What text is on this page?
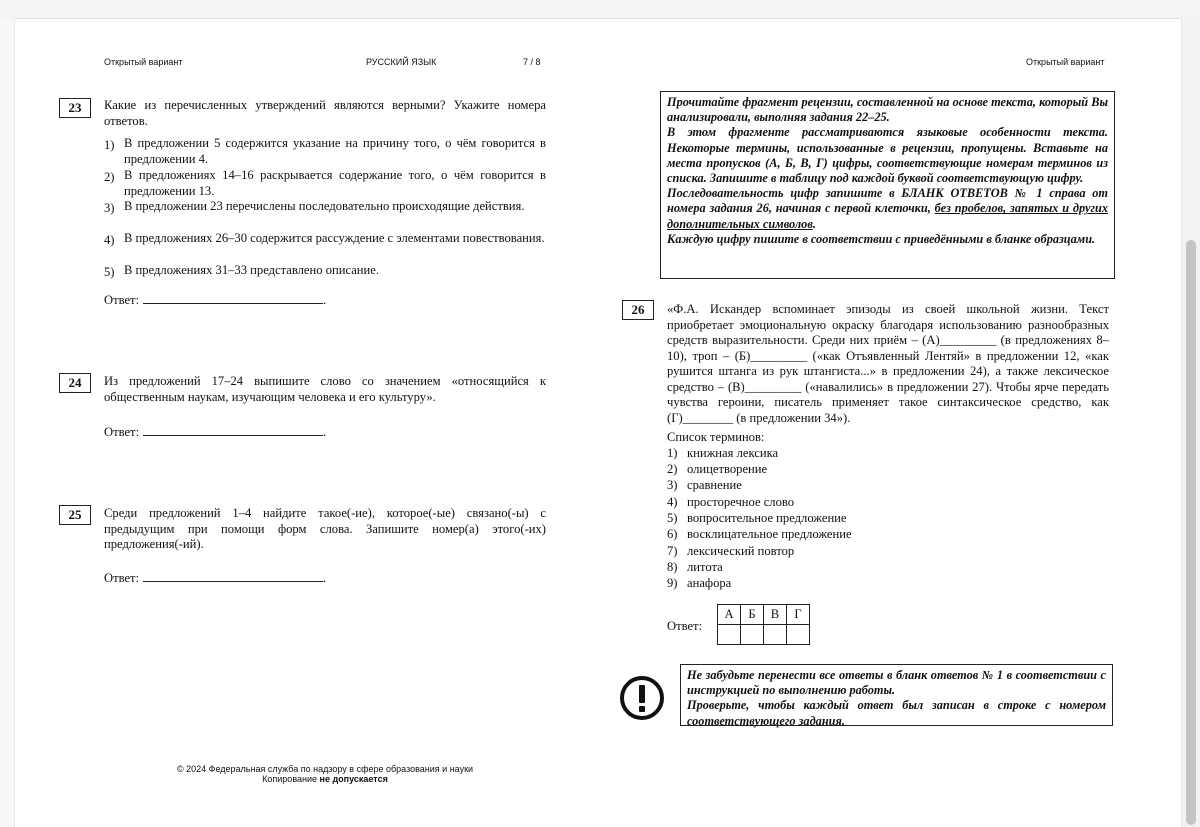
Открытый вариант	РУССКИЙ ЯЗЫК	7 / 8	Открытый вариант
23	Какие из перечисленных утверждений являются верными? Укажите номера ответов.
1) В предложении 5 содержится указание на причину того, о чём говорится в предложении 4.
2) В предложениях 14–16 раскрывается содержание того, о чём говорится в предложении 13.
3) В предложении 23 перечислены последовательно происходящие действия.
4) В предложениях 26–30 содержится рассуждение с элементами повествования.
5) В предложениях 31–33 представлено описание.
Ответ:	.
24	Из предложений 17–24 выпишите слово со значением «относящийся к общественным наукам, изучающим человека и его культуру».
Ответ:	.
25	Среди предложений 1–4 найдите такое(-ие), которое(-ые) связано(-ы) с предыдущим при помощи форм слова. Запишите номер(а) этого(-их) предложения(-ий).
Ответ:	.
© 2024 Федеральная служба по надзору в сфере образования и науки
Копирование не допускается
Прочитайте фрагмент рецензии, составленной на основе текста, который Вы анализировали, выполняя задания 22–25.
В этом фрагменте рассматриваются языковые особенности текста. Некоторые термины, использованные в рецензии, пропущены. Вставьте на места пропусков (А, Б, В, Г) цифры, соответствующие номерам терминов из списка. Запишите в таблицу под каждой буквой соответствующую цифру.
Последовательность цифр запишите в БЛАНК ОТВЕТОВ № 1 справа от номера задания 26, начиная с первой клеточки, без пробелов, запятых и других дополнительных символов.
Каждую цифру пишите в соответствии с приведёнными в бланке образцами.
26	«Ф.А. Искандер вспоминает эпизоды из своей школьной жизни. Текст приобретает эмоциональную окраску благодаря использованию разнообразных средств выразительности. Среди них приём – (А)_________ (в предложениях 8–10), троп – (Б)_________ («как Отъявленный Лентяй» в предложении 12, «как рушится штанга из рук штангиста...» в предложении 24), а также лексическое средство – (В)_________ («навалились» в предложении 27). Чтобы ярче передать чувства героини, писатель применяет такое синтаксическое средство, как (Г)________ (в предложении 34»).
Список терминов:
1) книжная лексика
2) олицетворение
3) сравнение
4) просторечное слово
5) вопросительное предложение
6) восклицательное предложение
7) лексический повтор
8) литота
9) анафора
Ответ:
А	Б	В	Г

Не забудьте перенести все ответы в бланк ответов № 1 в соответствии с инструкцией по выполнению работы.
Проверьте, чтобы каждый ответ был записан в строке с номером соответствующего задания.
